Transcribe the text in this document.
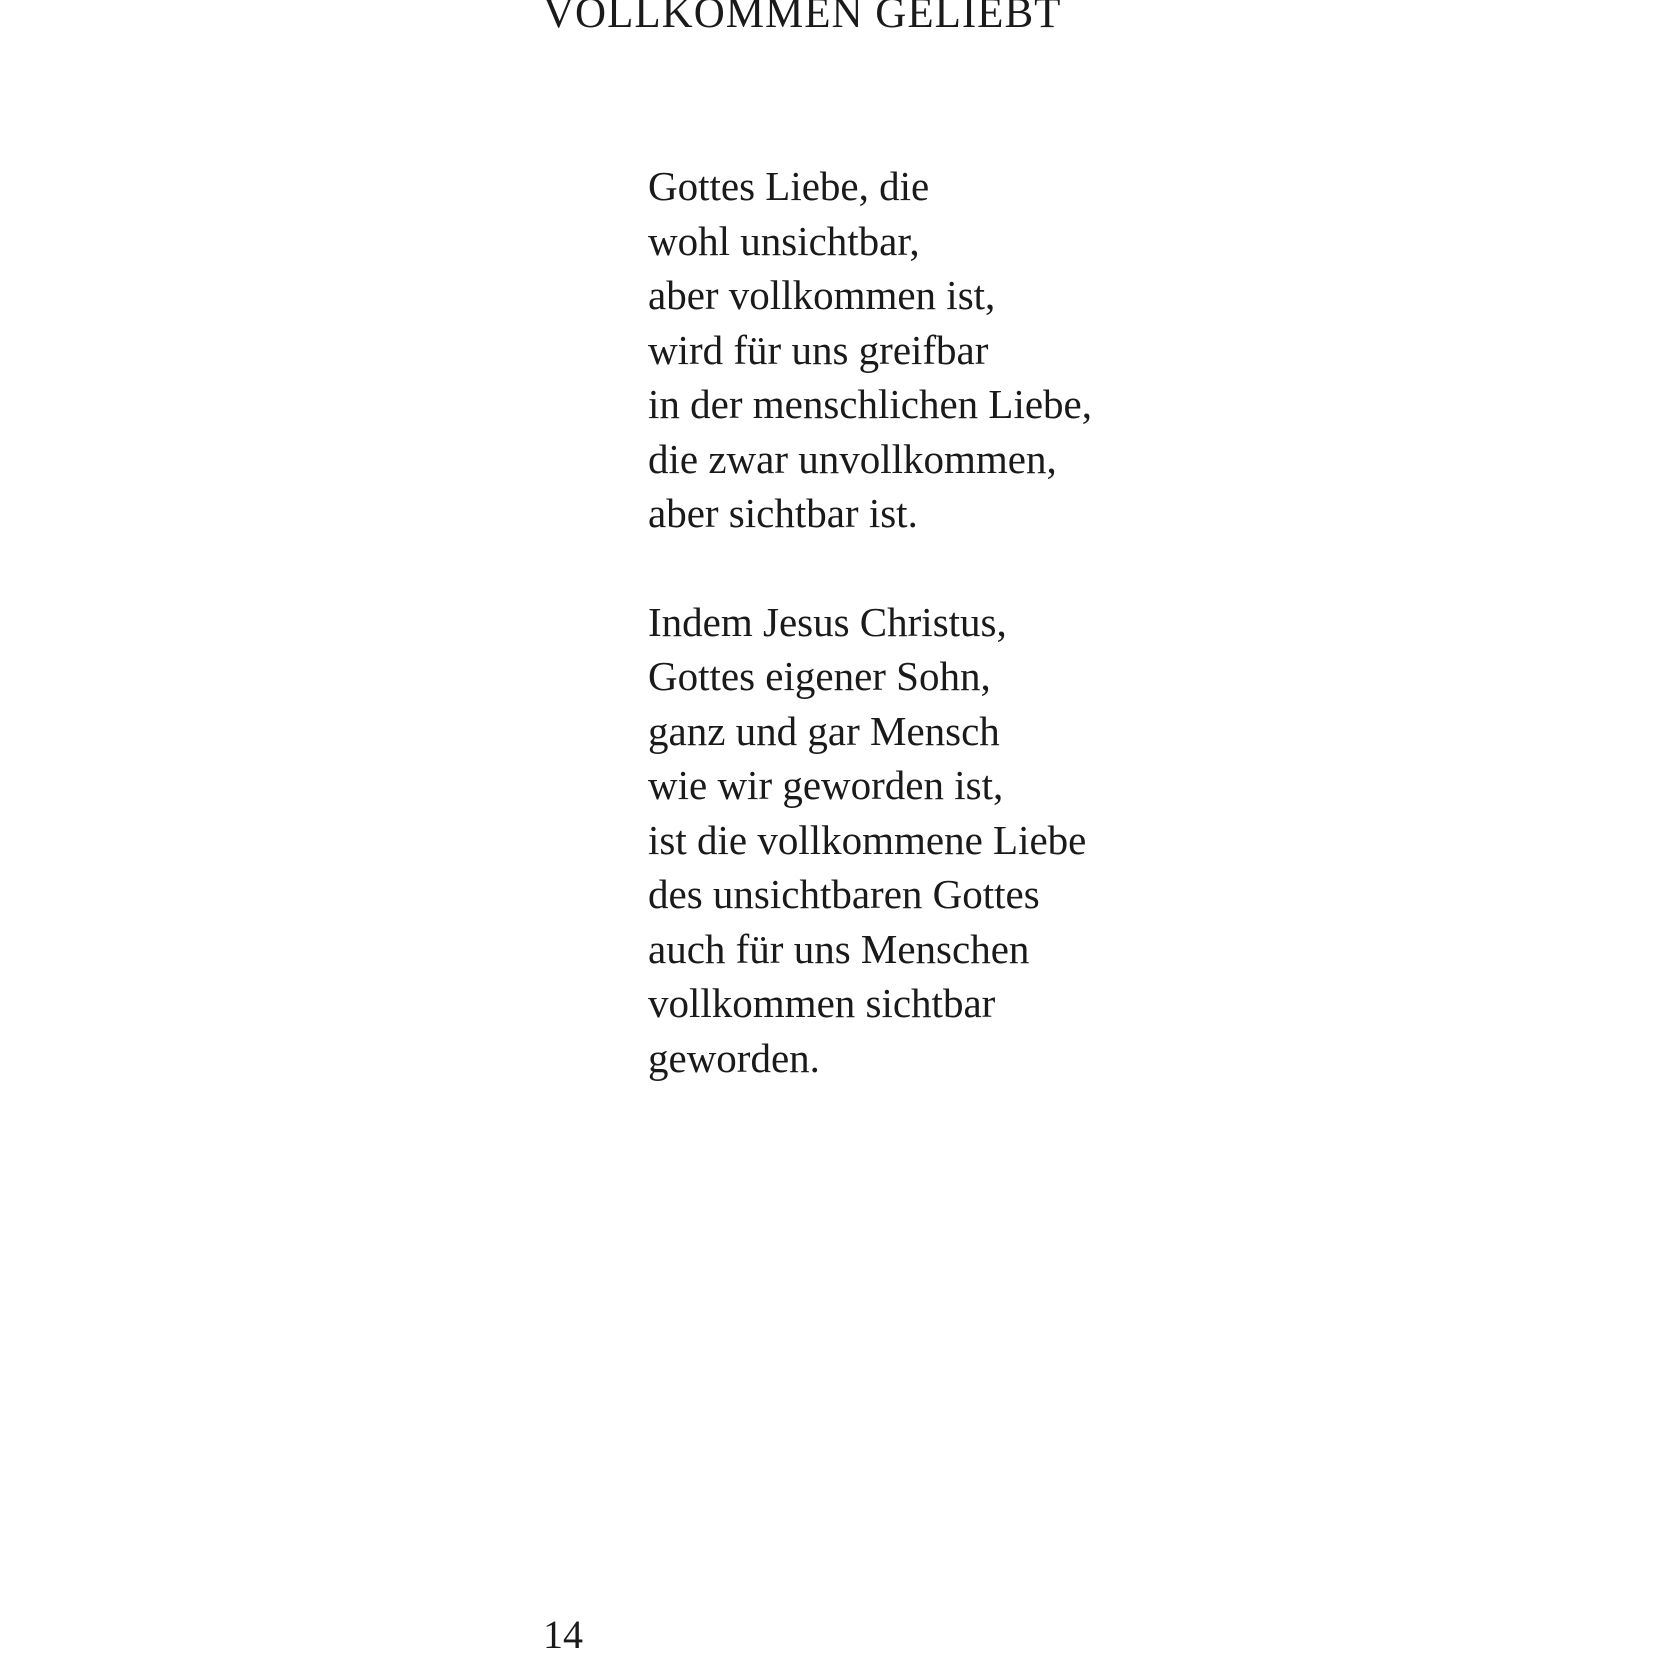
VOLLKOMMEN GELIEBT

Gottes Liebe, die
wohl unsichtbar,
aber vollkommen ist,
wird für uns greifbar
in der menschlichen Liebe,
die zwar unvollkommen,
aber sichtbar ist.

Indem Jesus Christus,
Gottes eigener Sohn,
ganz und gar Mensch
wie wir geworden ist,
ist die vollkommene Liebe
des unsichtbaren Gottes
auch für uns Menschen
vollkommen sichtbar
geworden.

14
